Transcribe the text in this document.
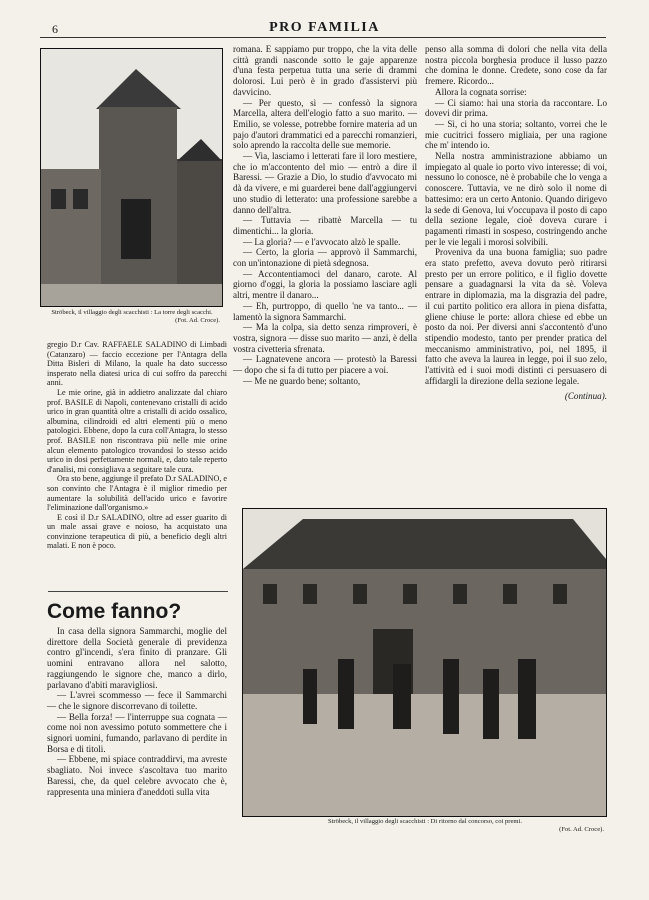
6	PRO FAMILIA
Ströbeck, il villaggio degli scacchisti : La torre degli scacchi.
(Fot. Ad. Croce).

gregio D.r Cav. RAFFAELE SALADINO di Limbadi (Catanzaro) — faccio eccezione per l'Antagra della Ditta Bisleri di Milano, la quale ha dato successo insperato nella diatesi urica di cui soffro da parecchi anni.

Le mie orine, già in addietro analizzate dal chiaro prof. BASILE di Napoli, contenevano cristalli di acido urico in gran quantità oltre a cristalli di acido ossalico, albumina, cilindroidi ed altri elementi più o meno patologici. Ebbene, dopo la cura coll'Antagra, lo stesso prof. BASILE non riscontrava più nelle mie orine alcun elemento patologico trovandosi lo stesso acido urico in dosi perfettamente normali, e, dato tale reperto d'analisi, mi consigliava a seguitare tale cura.

Ora sto bene, aggiunge il prefato D.r SALADINO, e son convinto che l'Antagra è il miglior rimedio per aumentare la solubilità dell'acido urico e favorire l'eliminazione dall'organismo.»

E così il D.r SALADINO, oltre ad esser guarito di un male assai grave e noioso, ha acquistato una convinzione terapeutica di più, a beneficio degli altri malati. E non è poco.

Come fanno?

In casa della signora Sammarchi, moglie del direttore della Società generale di previdenza contro gl'incendi, s'era finito di pranzare. Gli uomini entravano allora nel salotto, raggiungendo le signore che, manco a dirlo, parlavano d'abiti maravigliosi.

— L'avrei scommesso — fece il Sammarchi — che le signore discorrevano di toilette.

— Bella forza! — l'interruppe sua cognata — come noi non avessimo potuto sommettere che i signori uomini, fumando, parlavano di perdite in Borsa e di titoli.

— Ebbene, mi spiace contraddirvi, ma avreste sbagliato. Noi invece s'ascoltava tuo marito Baressi, che, da quel celebre avvocato che è, rappresenta una miniera d'aneddoti sulla vita

romana. E sappiamo pur troppo, che la vita delle città grandi nasconde sotto le gaje apparenze d'una festa perpetua tutta una serie di drammi dolorosi. Lui però è in grado d'assistervi più davvicino.

— Per questo, sì — confessò la signora Marcella, altera dell'elogio fatto a suo marito. — Emilio, se volesse, potrebbe fornire materia ad un pajo d'autori drammatici ed a parecchi romanzieri, solo aprendo la raccolta delle sue memorie.

— Via, lasciamo i letterati fare il loro mestiere, che io m'accontento del mio — entrò a dire il Baressi. — Grazie a Dio, lo studio d'avvocato mi dà da vivere, e mi guarderei bene dall'aggiungervi uno studio di letterato: una professione sarebbe a danno dell'altra.

— Tuttavia — ribattè Marcella — tu dimentichi... la gloria.

— La gloria? — e l'avvocato alzò le spalle.

— Certo, la gloria — approvò il Sammarchi, con un'intonazione di pietà sdegnosa.

— Accontentiamoci del danaro, carote. Al giorno d'oggi, la gloria la possiamo lasciare agli altri, mentre il danaro...

— Eh, purtroppo, di quello 'ne va tanto... — lamentò la signora Sammarchi.

— Ma la colpa, sia detto senza rimproveri, è vostra, signora — disse suo marito — anzi, è della vostra civetteria sfrenata.

— Lagnatevene ancora — protestò la Baressi — dopo che si fa di tutto per piacere a voi.

— Me ne guardo bene; soltanto,

penso alla somma di dolori che nella vita della nostra piccola borghesia produce il lusso pazzo che domina le donne. Credete, sono cose da far fremere. Ricordo...

Allora la cognata sorrise:

— Ci siamo: hai una storia da raccontare. Lo dovevi dir prima.

— Sì, ci ho una storia; soltanto, vorrei che le mie cucitrici fossero migliaia, per una ragione che m' intendo io.

Nella nostra amministrazione abbiamo un impiegato al quale io porto vivo interesse; di voi, nessuno lo conosce, nè è probabile che lo venga a conoscere. Tuttavia, ve ne dirò solo il nome di battesimo: era un certo Antonio. Quando dirigevo la sede di Genova, lui v'occupava il posto di capo della sezione legale, cioè doveva curare i pagamenti rimasti in sospeso, costringendo anche per le vie legali i morosi solvibili.

Proveniva da una buona famiglia; suo padre era stato prefetto, aveva dovuto però ritirarsi presto per un errore politico, e il figlio dovette pensare a guadagnarsi la vita da sè. Voleva entrare in diplomazia, ma la disgrazia del padre, il cui partito politico era allora in piena disfatta, gliene chiuse le porte: allora chiese ed ebbe un posto da noi. Per diversi anni s'accontentò d'uno stipendio modesto, tanto per prender pratica del meccanismo amministrativo, poi, nel 1895, il fatto che aveva la laurea in legge, poi il suo zelo, l'attività ed i suoi modi distinti ci persuasero di affidargli la direzione della sezione legale.

(Continua).

Ströbeck, il villaggio degli scacchisti : Di ritorno dal concorso, coi premi.
(Fot. Ad. Croce).
